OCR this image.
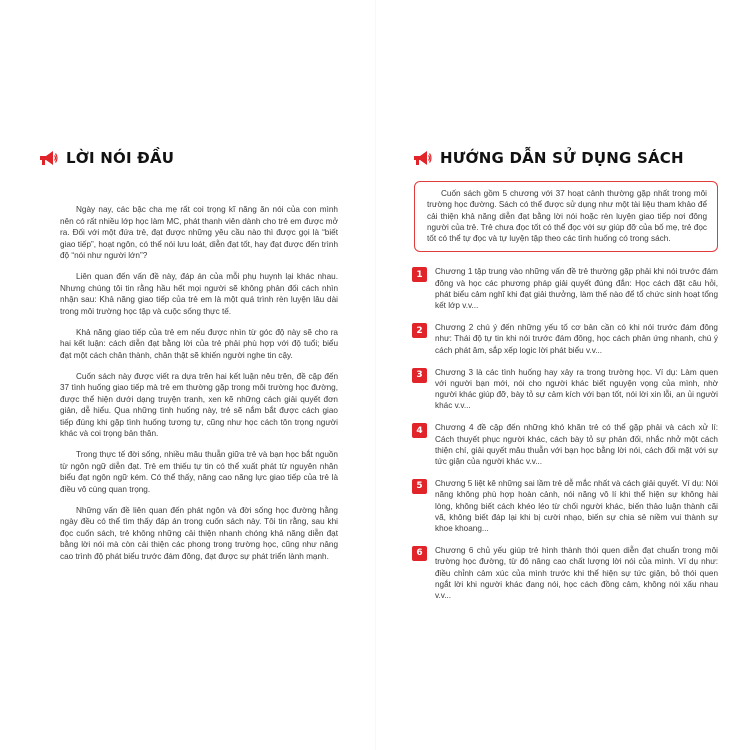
LỜI NÓI ĐẦU

Ngày nay, các bậc cha mẹ rất coi trọng kĩ năng ăn nói của con mình nên có rất nhiều lớp học làm MC, phát thanh viên dành cho trẻ em được mở ra. Đối với một đứa trẻ, đạt được những yêu cầu nào thì được gọi là “biết giao tiếp”, hoạt ngôn, có thể nói lưu loát, diễn đạt tốt, hay đạt được đến trình độ “nói như người lớn”?

Liên quan đến vấn đề này, đáp án của mỗi phụ huynh lại khác nhau. Nhưng chúng tôi tin rằng hầu hết mọi người sẽ không phản đối cách nhìn nhận sau: Khả năng giao tiếp của trẻ em là một quá trình rèn luyện lâu dài trong môi trường học tập và cuộc sống thực tế.

Khả năng giao tiếp của trẻ em nếu được nhìn từ góc độ này sẽ cho ra hai kết luận: cách diễn đạt bằng lời của trẻ phải phù hợp với độ tuổi; biểu đạt một cách chân thành, chân thật sẽ khiến người nghe tin cậy.

Cuốn sách này được viết ra dựa trên hai kết luận nêu trên, đề cập đến 37 tình huống giao tiếp mà trẻ em thường gặp trong môi trường học đường, được thể hiện dưới dạng truyện tranh, xen kẽ những cách giải quyết đơn giản, dễ hiểu. Qua những tình huống này, trẻ sẽ nắm bắt được cách giao tiếp đúng khi gặp tình huống tương tự, cũng như học cách tôn trọng người khác và coi trọng bản thân.

Trong thực tế đời sống, nhiều mâu thuẫn giữa trẻ và bạn học bắt nguồn từ ngôn ngữ diễn đạt. Trẻ em thiếu tự tin có thể xuất phát từ nguyên nhân biểu đạt ngôn ngữ kém. Có thể thấy, nâng cao năng lực giao tiếp của trẻ là điều vô cùng quan trọng.

Những vấn đề liên quan đến phát ngôn và đời sống học đường hằng ngày đều có thể tìm thấy đáp án trong cuốn sách này. Tôi tin rằng, sau khi đọc cuốn sách, trẻ không những cải thiện nhanh chóng khả năng diễn đạt bằng lời nói mà còn cải thiện các phong trong trường học, cũng như nâng cao trình độ phát biểu trước đám đông, đạt được sự phát triển lành mạnh.

HƯỚNG DẪN SỬ DỤNG SÁCH

Cuốn sách gồm 5 chương với 37 hoạt cảnh thường gặp nhất trong môi trường học đường. Sách có thể được sử dụng như một tài liệu tham khảo để cải thiện khả năng diễn đạt bằng lời nói hoặc rèn luyện giao tiếp nơi đông người của trẻ. Trẻ chưa đọc tốt có thể đọc với sự giúp đỡ của bố mẹ, trẻ đọc tốt có thể tự đọc và tự luyện tập theo các tình huống có trong sách.

1	Chương 1 tập trung vào những vấn đề trẻ thường gặp phải khi nói trước đám đông và học các phương pháp giải quyết đúng đắn: Học cách đặt câu hỏi, phát biểu cảm nghĩ khi đạt giải thưởng, làm thế nào để tổ chức sinh hoạt tổng kết lớp v.v...

2	Chương 2 chú ý đến những yếu tố cơ bản cần có khi nói trước đám đông như: Thái độ tự tin khi nói trước đám đông, học cách phản ứng nhanh, chú ý cách phát âm, sắp xếp logic lời phát biểu v.v...

3	Chương 3 là các tình huống hay xảy ra trong trường học. Ví dụ: Làm quen với người bạn mới, nói cho người khác biết nguyện vọng của mình, nhờ người khác giúp đỡ, bày tỏ sự cảm kích với bạn tốt, nói lời xin lỗi, an ủi người khác v.v...

4	Chương 4 đề cập đến những khó khăn trẻ có thể gặp phải và cách xử lí: Cách thuyết phục người khác, cách bày tỏ sự phản đối, nhắc nhở một cách thiện chí, giải quyết mâu thuẫn với bạn học bằng lời nói, cách đối mặt với sự tức giận của người khác v.v...

5	Chương 5 liệt kê những sai lầm trẻ dễ mắc nhất và cách giải quyết. Ví dụ: Nói năng không phù hợp hoàn cảnh, nói năng vô lí khi thể hiện sự không hài lòng, không biết cách khéo léo từ chối người khác, biến thảo luận thành cãi vã, không biết đáp lại khi bị cười nhạo, biến sự chia sẻ niềm vui thành sự khoe khoang...

6	Chương 6 chủ yếu giúp trẻ hình thành thói quen diễn đạt chuẩn trong môi trường học đường, từ đó nâng cao chất lượng lời nói của mình. Ví dụ như: điều chỉnh cảm xúc của mình trước khi thể hiện sự tức giận, bỏ thói quen ngắt lời khi người khác đang nói, học cách đồng cảm, không nói xấu nhau v.v...
